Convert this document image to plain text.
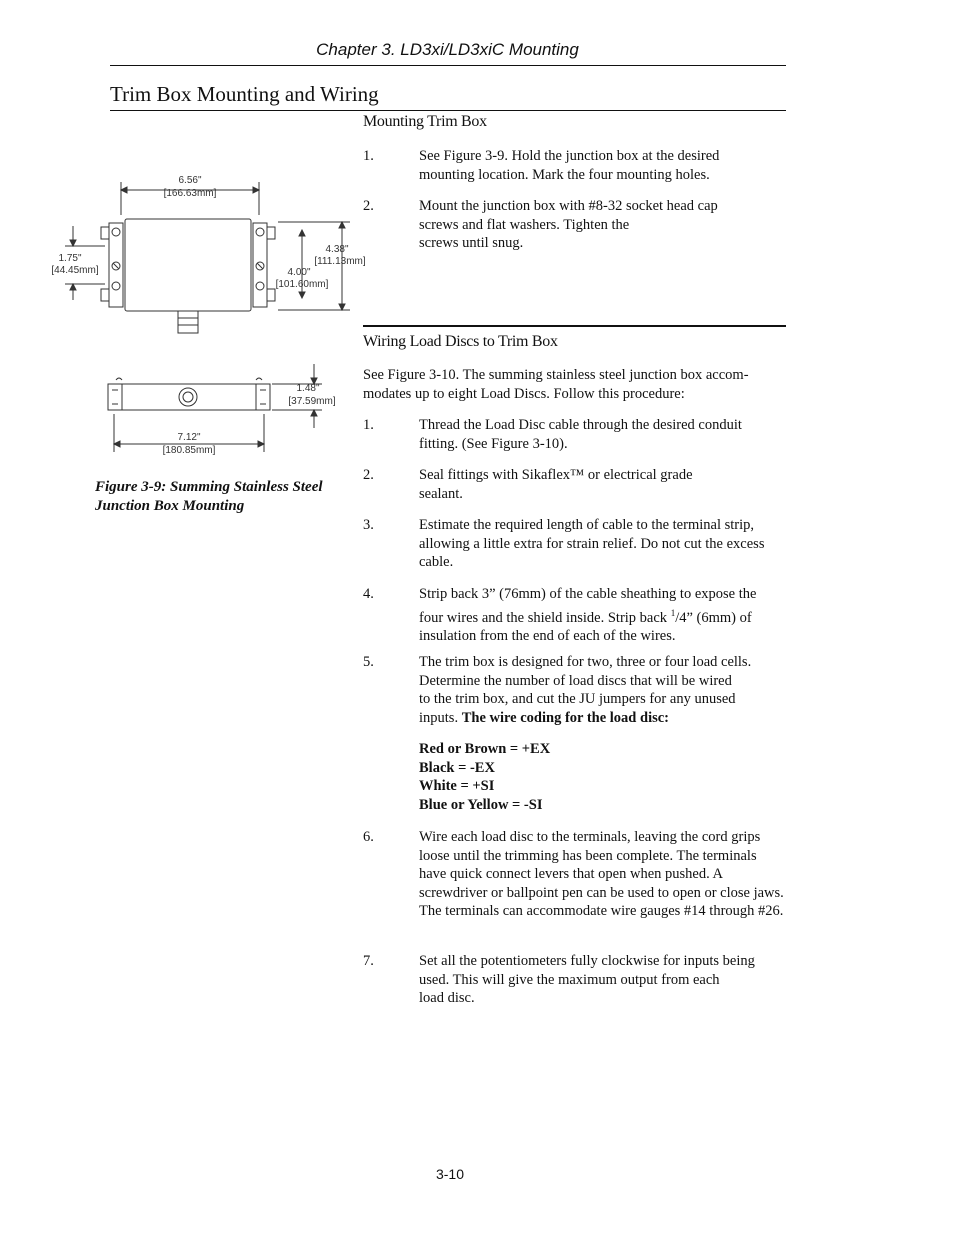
Chapter 3. LD3xi/LD3xiC Mounting
Trim Box Mounting and Wiring
Mounting Trim Box
1.	See Figure 3-9. Hold the junction box at the desired mounting location. Mark the four mounting holes.
2.	Mount the junction box with #8-32 socket head cap
screws and flat washers. Tighten the
screws until snug.
Wiring Load Discs to Trim Box
See Figure 3-10. The summing stainless steel junction box accom-
modates up to eight Load Discs. Follow this procedure:
1.	Thread the Load Disc cable through the desired conduit fitting. (See Figure 3-10).
2.	Seal fittings with Sikaflex™ or electrical grade
sealant.
3.	Estimate the required length of cable to the terminal strip, allowing a little extra for strain relief. Do not cut the excess cable.
4.	Strip back 3” (76mm) of the cable sheathing to expose the four wires and the shield inside. Strip back $^1$/4” (6mm) of insulation from the end of each of the wires.
5.	The trim box is designed for two, three or four load cells.
Determine the number of load discs that will be wired
to the trim box, and cut the JU jumpers for any unused
inputs. The wire coding for the load disc:
Red or Brown = +EX
Black = -EX
White = +SI
Blue or Yellow = -SI
6.	Wire each load disc to the terminals, leaving the cord grips loose until the trimming has been complete. The terminals have quick connect levers that open when pushed. A screwdriver or ballpoint pen can be used to open or close jaws. The terminals can accommodate wire gauges #14 through #26.
7.	Set all the potentiometers fully clockwise for inputs being
used. This will give the maximum output from each
load disc.
6.56"
[166.63mm]
1.75"
[44.45mm]
4.38"
[111.13mm]
4.00"
[101.60mm]
1.48"
[37.59mm]
7.12"
[180.85mm]
Figure 3-9: Summing Stainless Steel
Junction Box Mounting
3-10
